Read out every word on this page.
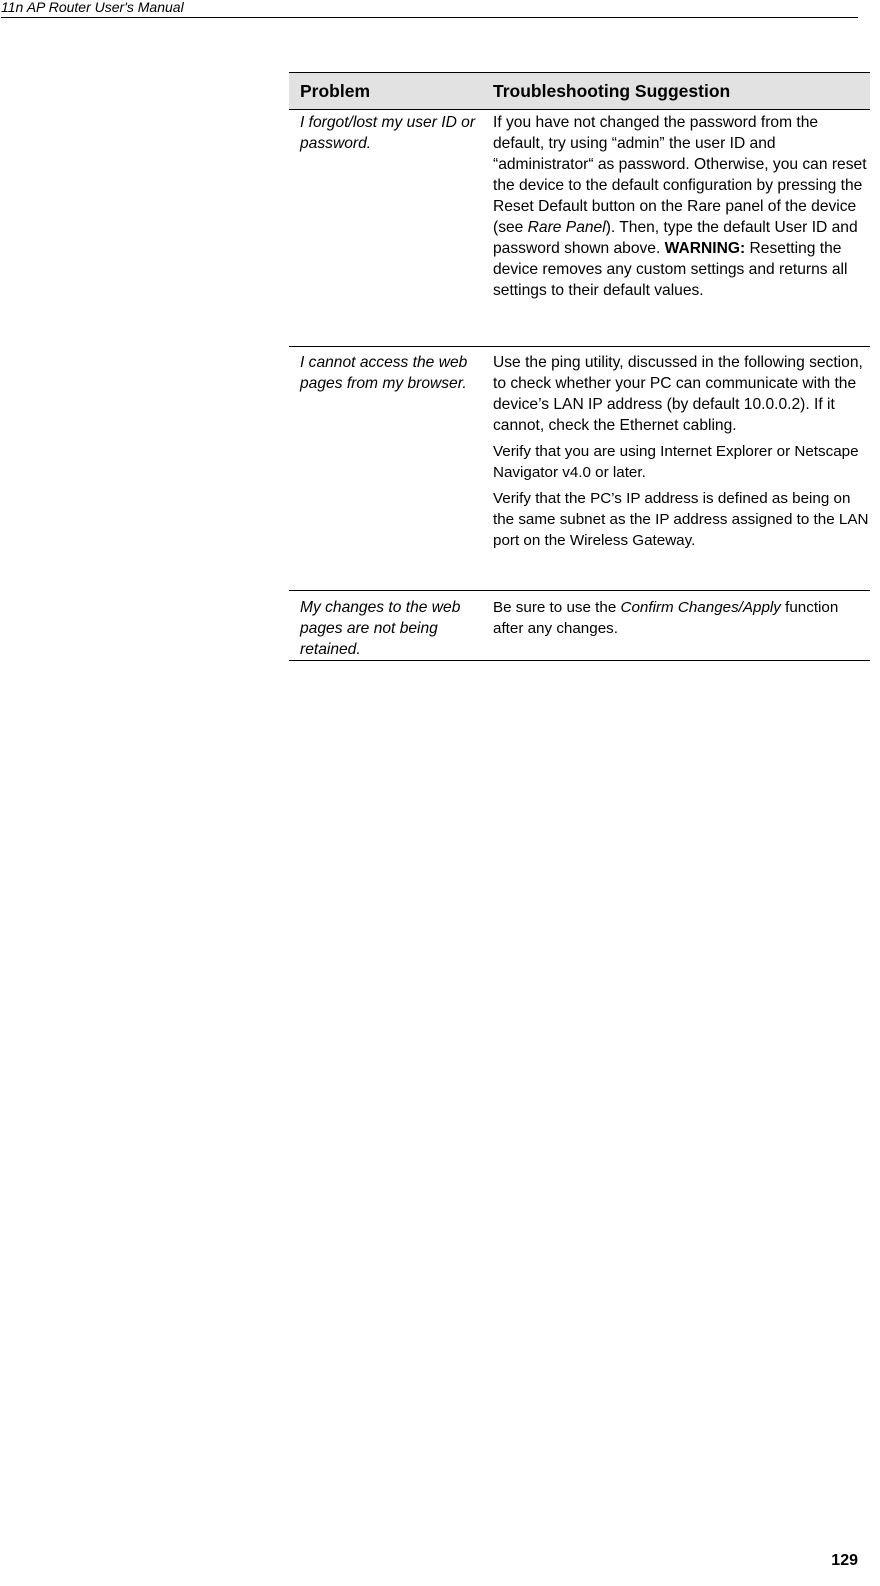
11n AP Router User's Manual
Problem	Troubleshooting Suggestion
I forgot/lost my user ID or password.	If you have not changed the password from the default, try using “admin” the user ID and “administrator“ as password. Otherwise, you can reset the device to the default configuration by pressing the Reset Default button on the Rare panel of the device (see Rare Panel). Then, type the default User ID and password shown above. WARNING: Resetting the device removes any custom settings and returns all settings to their default values.

I cannot access the web pages from my browser.	Use the ping utility, discussed in the following section, to check whether your PC can communicate with the device’s LAN IP address (by default 10.0.0.2). If it cannot, check the Ethernet cabling.

Verify that you are using Internet Explorer or Netscape Navigator v4.0 or later.

Verify that the PC’s IP address is defined as being on the same subnet as the IP address assigned to the LAN port on the Wireless Gateway.

My changes to the web pages are not being retained.	Be sure to use the Confirm Changes/Apply function after any changes.

129
